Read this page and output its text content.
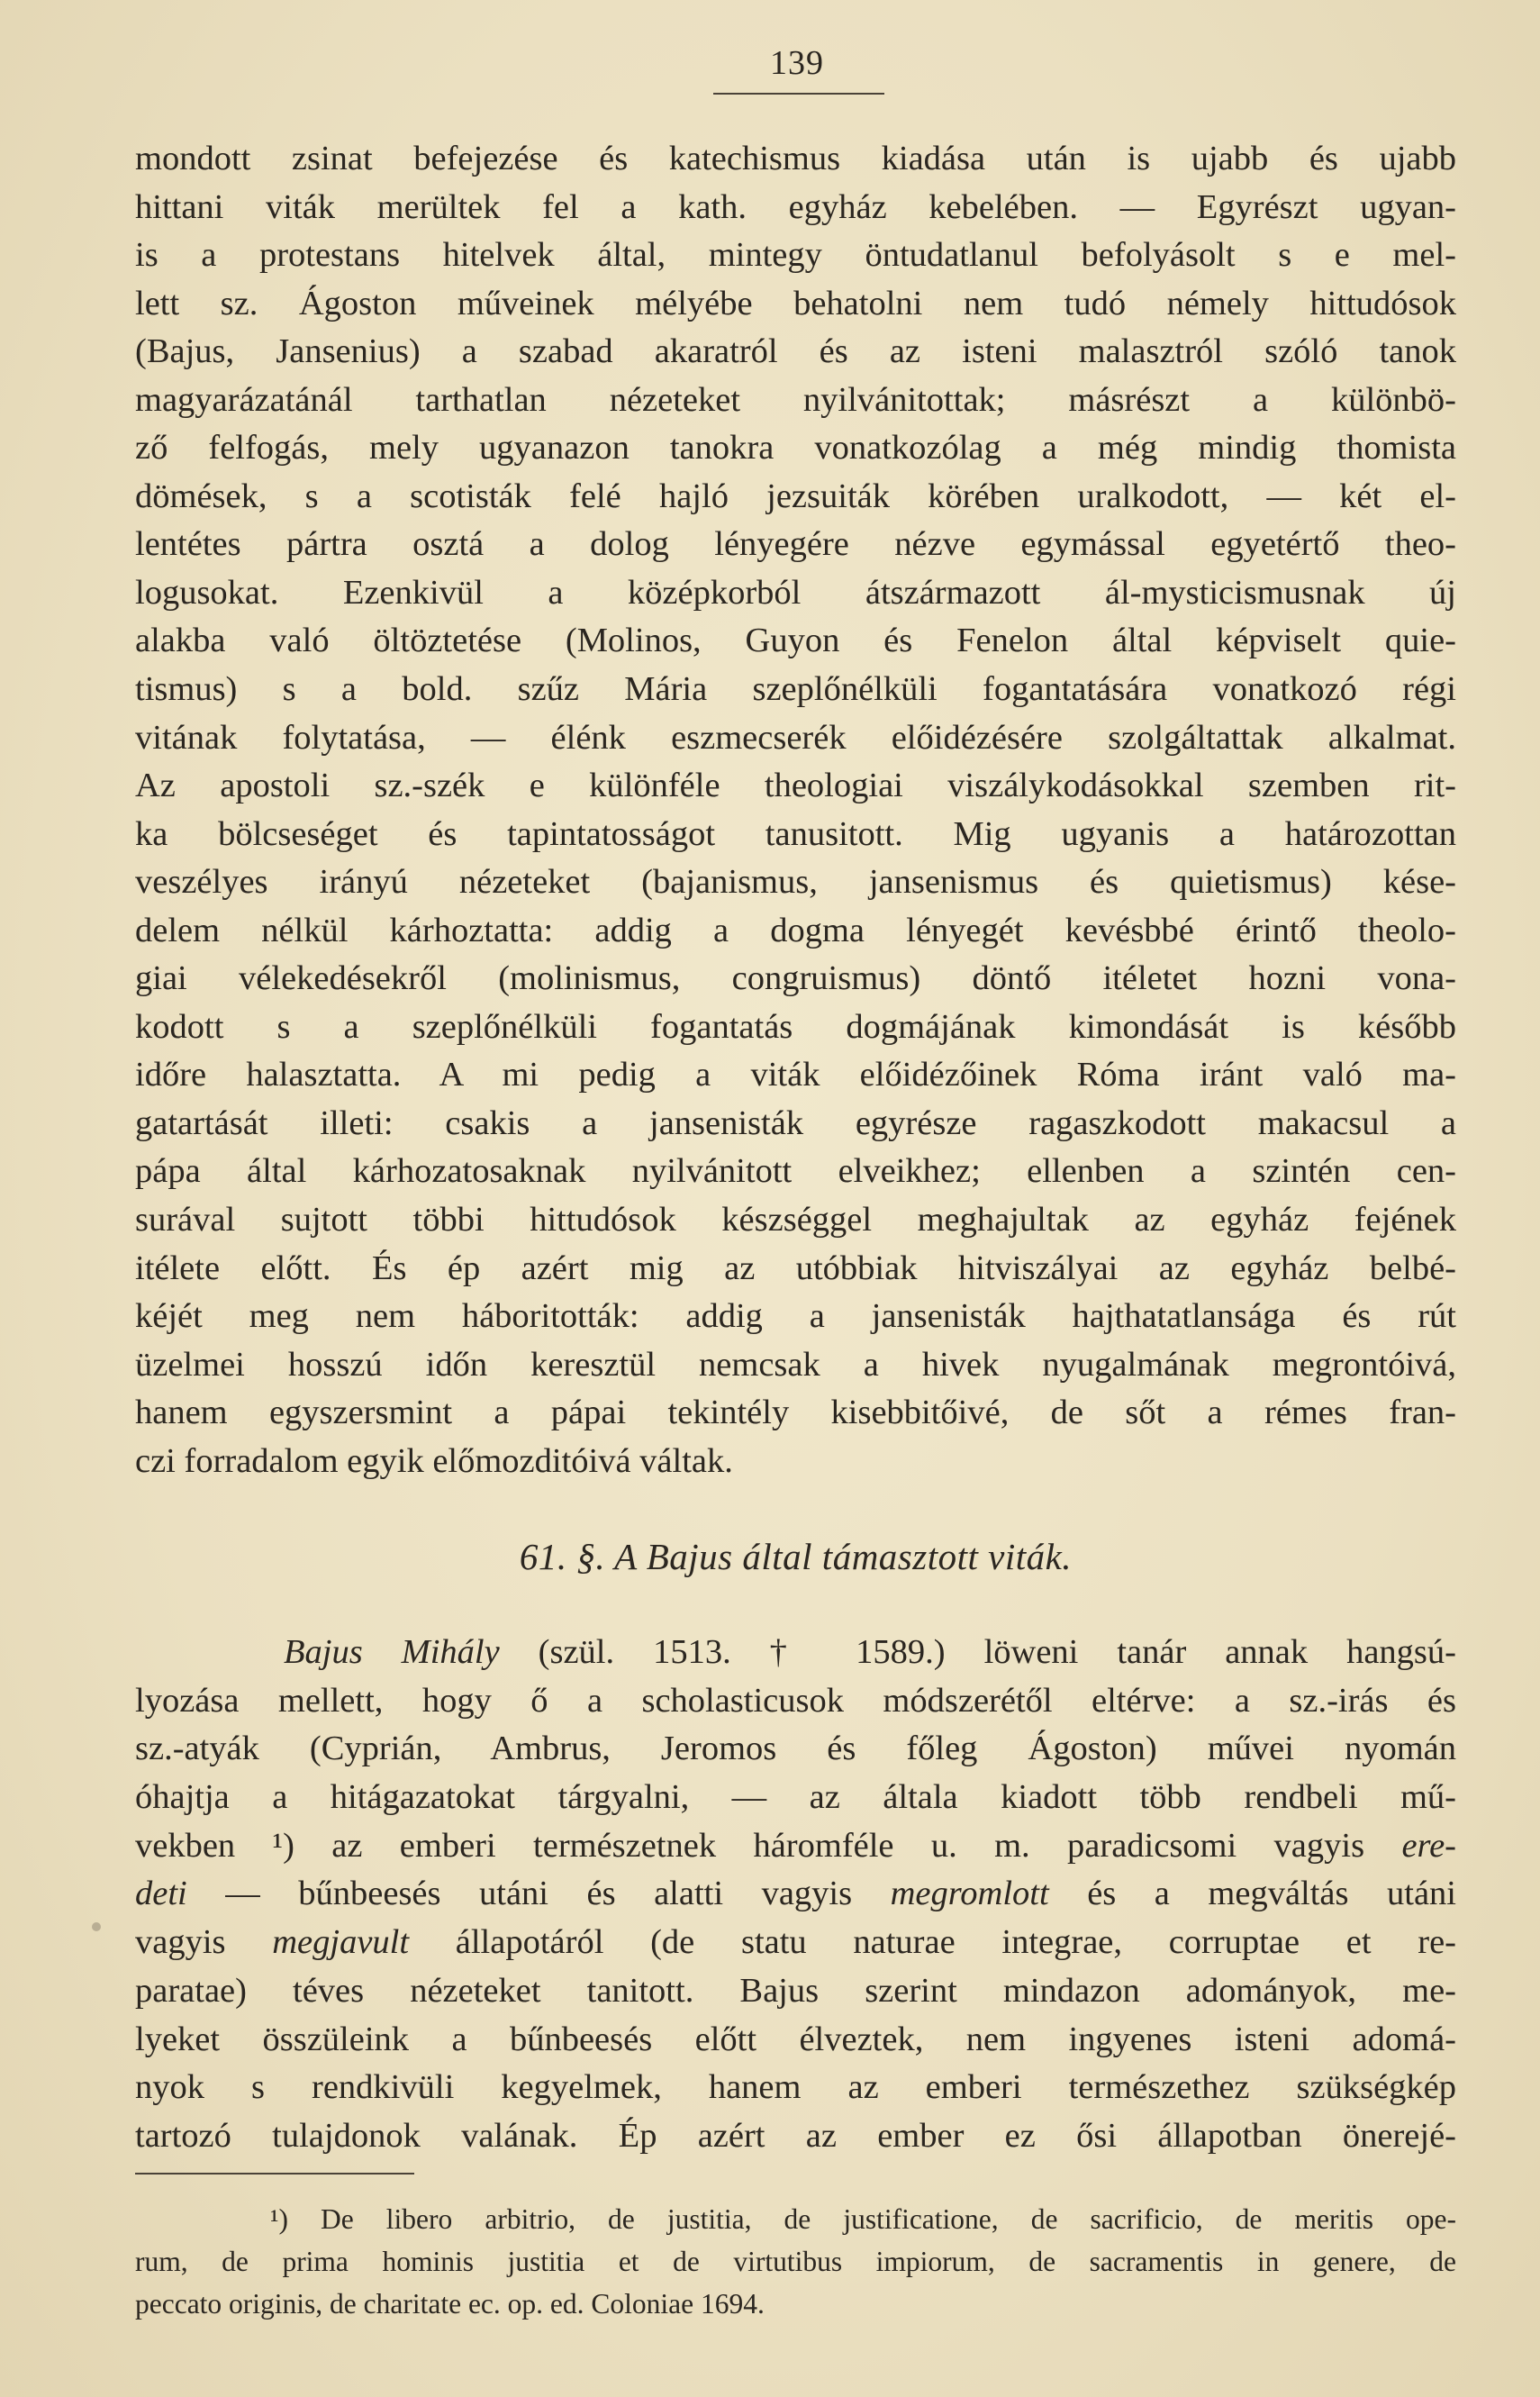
139
mondott zsinat befejezése és katechismus kiadása után is ujabb és ujabb
hittani viták merültek fel a kath. egyház kebelében. — Egyrészt ugyan-
is a protestans hitelvek által, mintegy öntudatlanul befolyásolt s e mel-
lett sz. Ágoston műveinek mélyébe behatolni nem tudó némely hittudósok
(Bajus, Jansenius) a szabad akaratról és az isteni malasztról szóló tanok
magyarázatánál tarthatlan nézeteket nyilvánitottak; másrészt a különbö-
ző felfogás, mely ugyanazon tanokra vonatkozólag a még mindig thomista
dömések, s a scotisták felé hajló jezsuiták körében uralkodott, — két el-
lentétes pártra osztá a dolog lényegére nézve egymással egyetértő theo-
logusokat. Ezenkivül a középkorból átszármazott ál-mysticismusnak új
alakba való öltöztetése (Molinos, Guyon és Fenelon által képviselt quie-
tismus) s a bold. szűz Mária szeplőnélküli fogantatására vonatkozó régi
vitának folytatása, — élénk eszmecserék előidézésére szolgáltattak alkalmat.
Az apostoli sz.-szék e különféle theologiai viszálykodásokkal szemben rit-
ka bölcseséget és tapintatosságot tanusitott. Mig ugyanis a határozottan
veszélyes irányú nézeteket (bajanismus, jansenismus és quietismus) kése-
delem nélkül kárhoztatta: addig a dogma lényegét kevésbbé érintő theolo-
giai vélekedésekről (molinismus, congruismus) döntő itéletet hozni vona-
kodott s a szeplőnélküli fogantatás dogmájának kimondását is később
időre halasztatta. A mi pedig a viták előidézőinek Róma iránt való ma-
gatartását illeti: csakis a jansenisták egyrésze ragaszkodott makacsul a
pápa által kárhozatosaknak nyilvánitott elveikhez; ellenben a szintén cen-
surával sujtott többi hittudósok készséggel meghajultak az egyház fejének
itélete előtt. És ép azért mig az utóbbiak hitviszályai az egyház belbé-
kéjét meg nem háboritották: addig a jansenisták hajthatatlansága és rút
üzelmei hosszú időn keresztül nemcsak a hivek nyugalmának megrontóivá,
hanem egyszersmint a pápai tekintély kisebbitőivé, de sőt a rémes fran-
czi forradalom egyik előmozditóivá váltak.
61. §. A Bajus által támasztott viták.
Bajus Mihály (szül. 1513. † 1589.) löweni tanár annak hangsú-
lyozása mellett, hogy ő a scholasticusok módszerétől eltérve: a sz.-irás és
sz.-atyák (Cyprián, Ambrus, Jeromos és főleg Ágoston) művei nyomán
óhajtja a hitágazatokat tárgyalni, — az általa kiadott több rendbeli mű-
vekben ¹) az emberi természetnek háromféle u. m. paradicsomi vagyis ere-
deti — bűnbeesés utáni és alatti vagyis megromlott és a megváltás utáni
vagyis megjavult állapotáról (de statu naturae integrae, corruptae et re-
paratae) téves nézeteket tanitott. Bajus szerint mindazon adományok, me-
lyeket összüleink a bűnbeesés előtt élveztek, nem ingyenes isteni adomá-
nyok s rendkivüli kegyelmek, hanem az emberi természethez szükségkép
tartozó tulajdonok valának. Ép azért az ember ez ősi állapotban önerejé-
¹) De libero arbitrio, de justitia, de justificatione, de sacrificio, de meritis ope-
rum, de prima hominis justitia et de virtutibus impiorum, de sacramentis in genere, de
peccato originis, de charitate ec. op. ed. Coloniae 1694.
